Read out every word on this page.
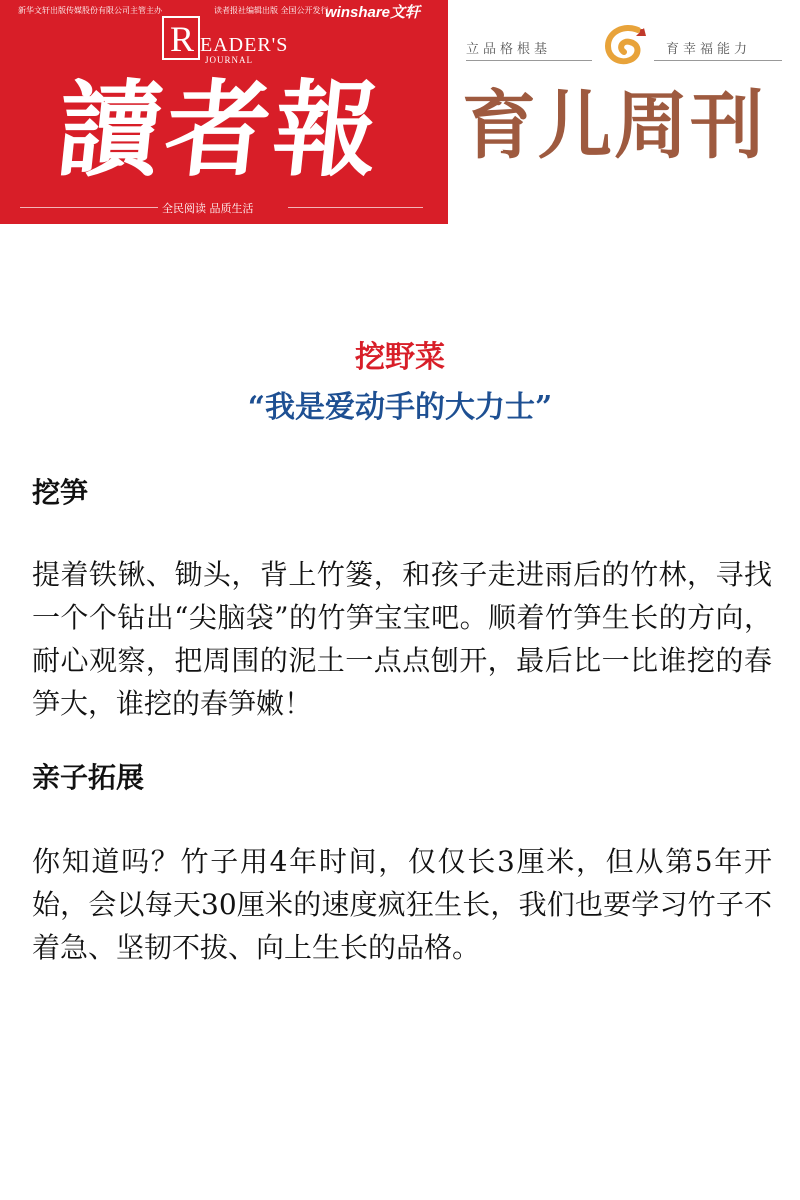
新华文轩出版传媒股份有限公司主管主办	读者报社编辑出版 全国公开发行
winshare文轩
R EADER'S
JOURNAL
讀者報
全民阅读 品质生活
立品格根基	育幸福能力
育儿周刊
挖野菜
“我是爱动手的大力士”
挖笋
提着铁锹、锄头，背上竹篓，和孩子走进雨后的竹林，寻找一个个钻出“尖脑袋”的竹笋宝宝吧。顺着竹笋生长的方向，耐心观察，把周围的泥土一点点刨开，最后比一比谁挖的春笋大，谁挖的春笋嫩！
亲子拓展
你知道吗？竹子用4年时间，仅仅长3厘米，但从第5年开始，会以每天30厘米的速度疯狂生长，我们也要学习竹子不着急、坚韧不拔、向上生长的品格。
